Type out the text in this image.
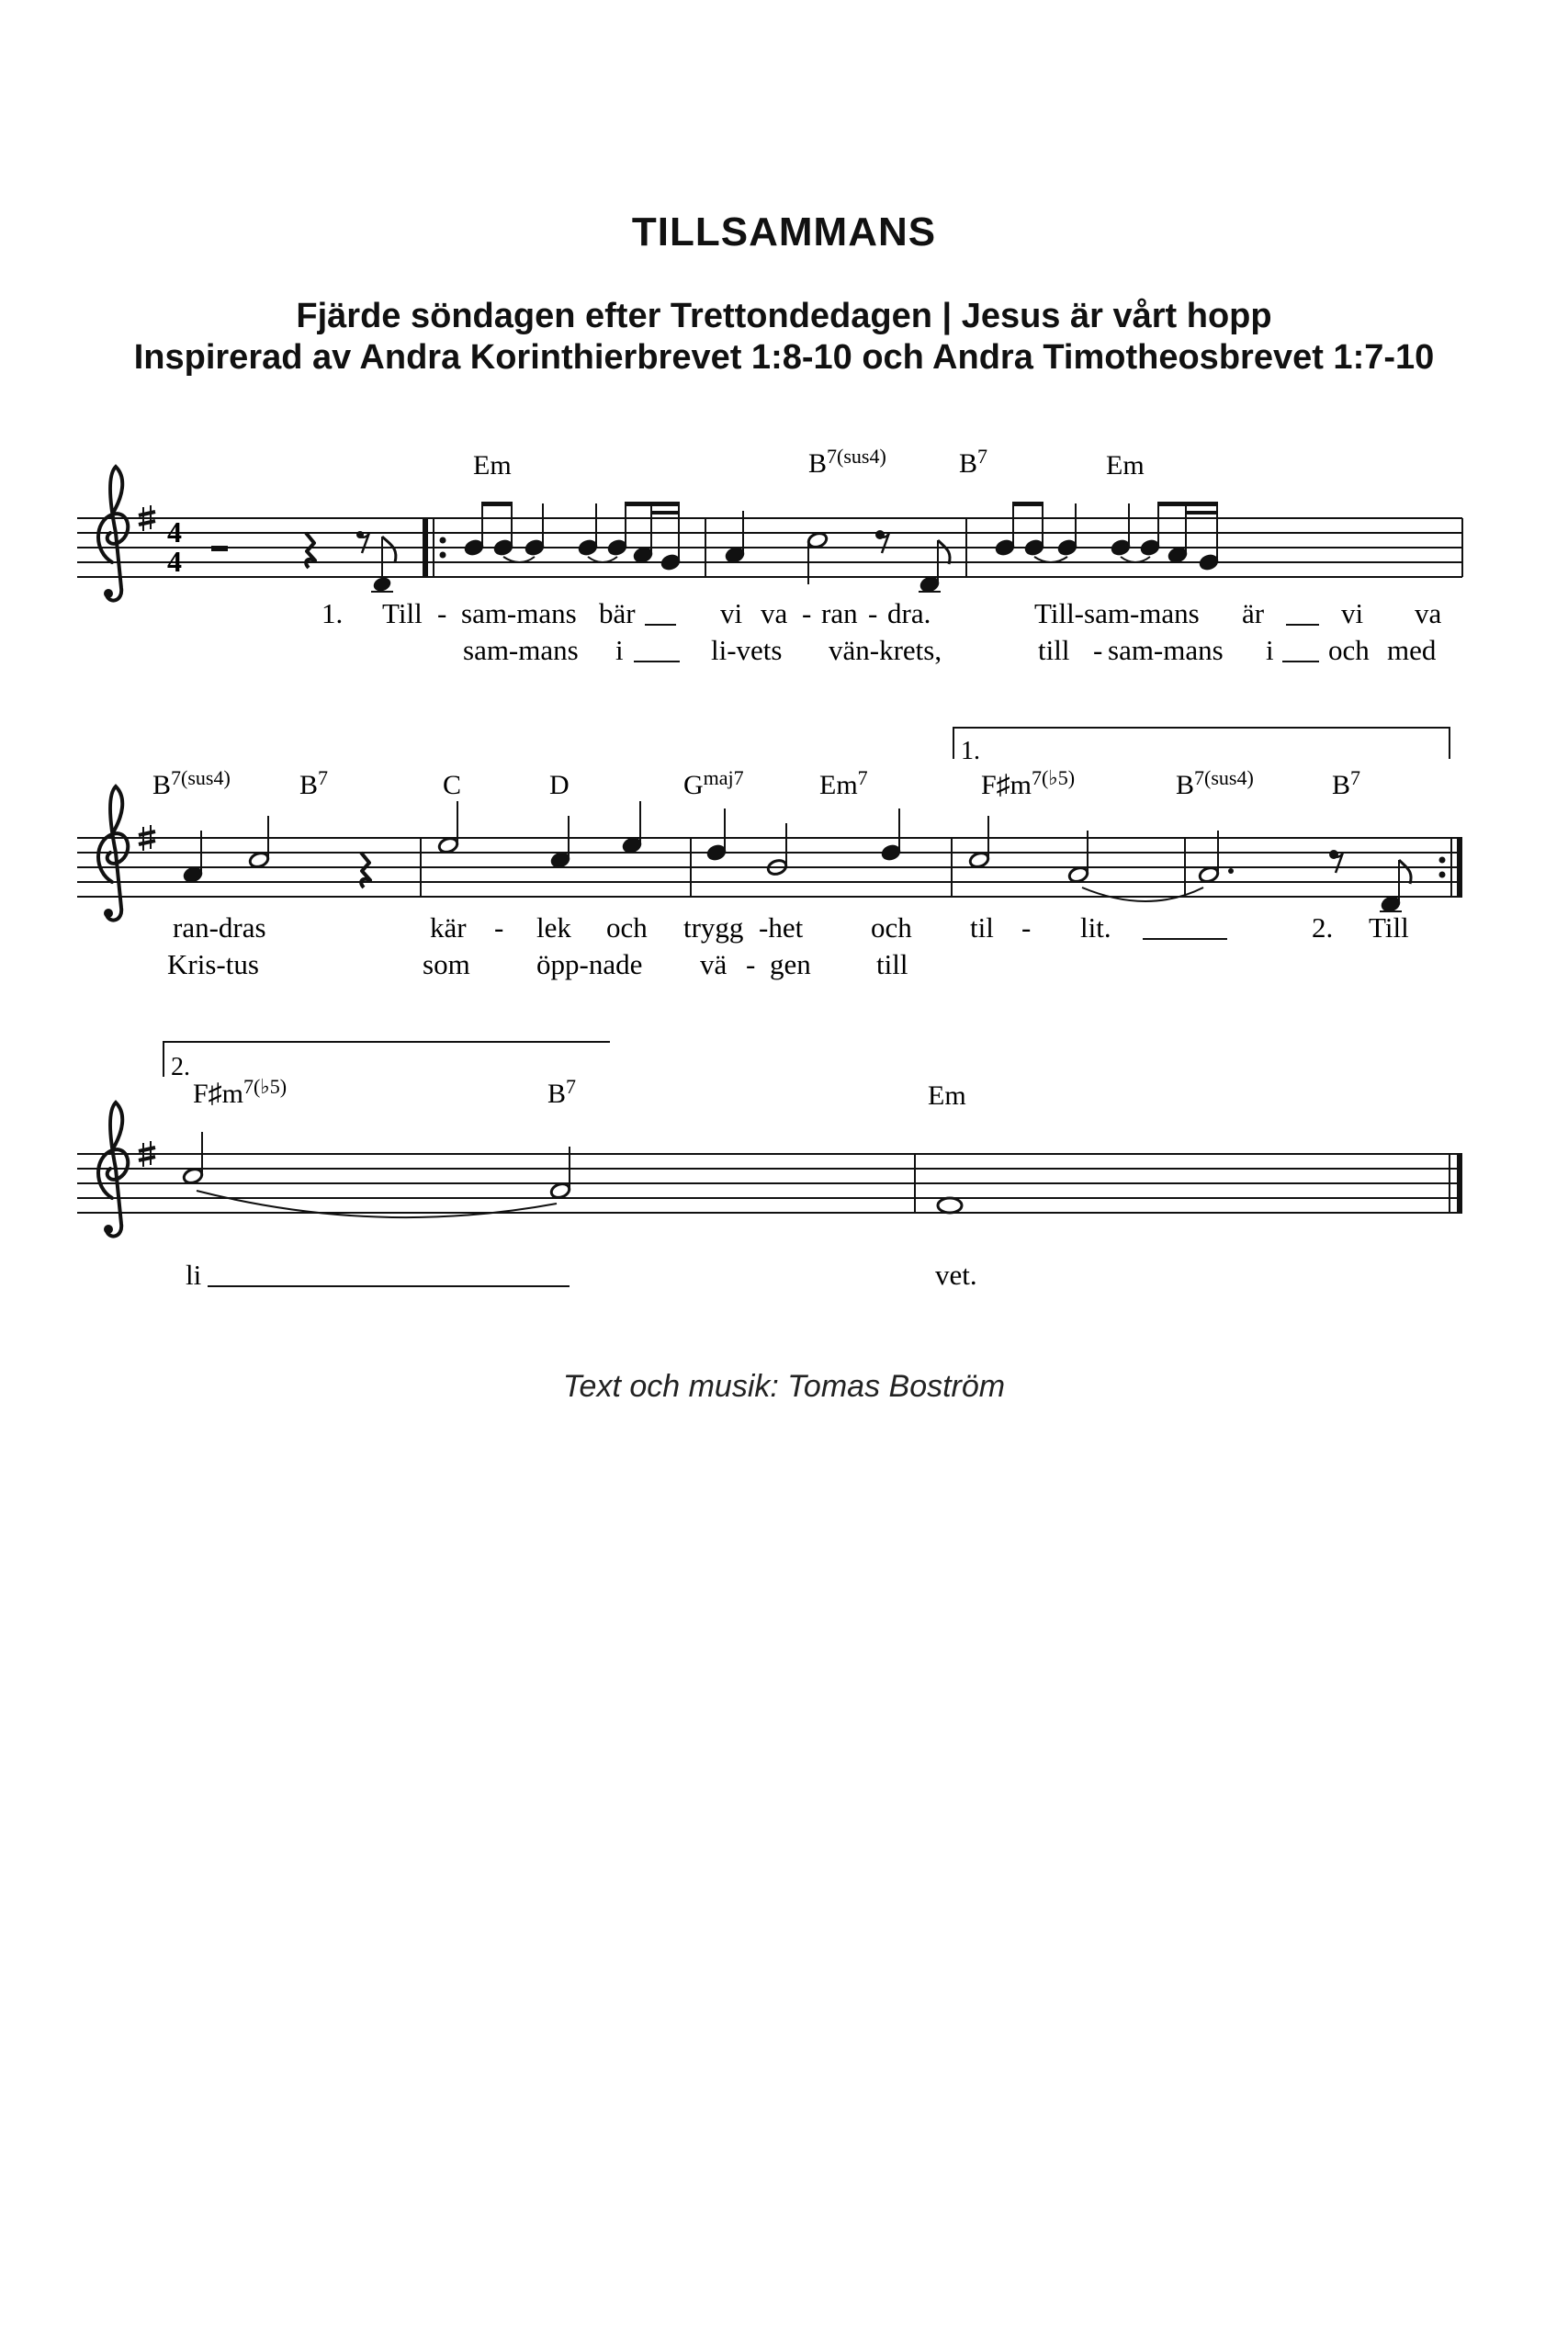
TILLSAMMANS
Fjärde söndagen efter Trettondedagen | Jesus är vårt hopp
Inspirerad av Andra Korinthierbrevet 1:8-10 och Andra Timotheosbrevet 1:7-10
4
4
Em	$B^{7(sus4)}$	$B^7$	Em
1. Till - sam-mans bär	vi va - ran - dra.	Till-sam-mans är	vi va
sam-mans i	li-vets vän-krets,	till - sam-mans i och med
1.
$B^{7(sus4)}$	$B^7$	C	D	$G^{maj7}$	Em$^7$	$F♯m^{7(♭5)}$	$B^{7(sus4)}$	$B^7$
ran-dras	kär - lek och trygg -het och til - lit.	2. Till
Kris-tus	som öpp-nade vä - gen till
2.
$F♯m^{7(♭5)}$	$B^7$	Em
li	vet.
Text och musik: Tomas Boström
